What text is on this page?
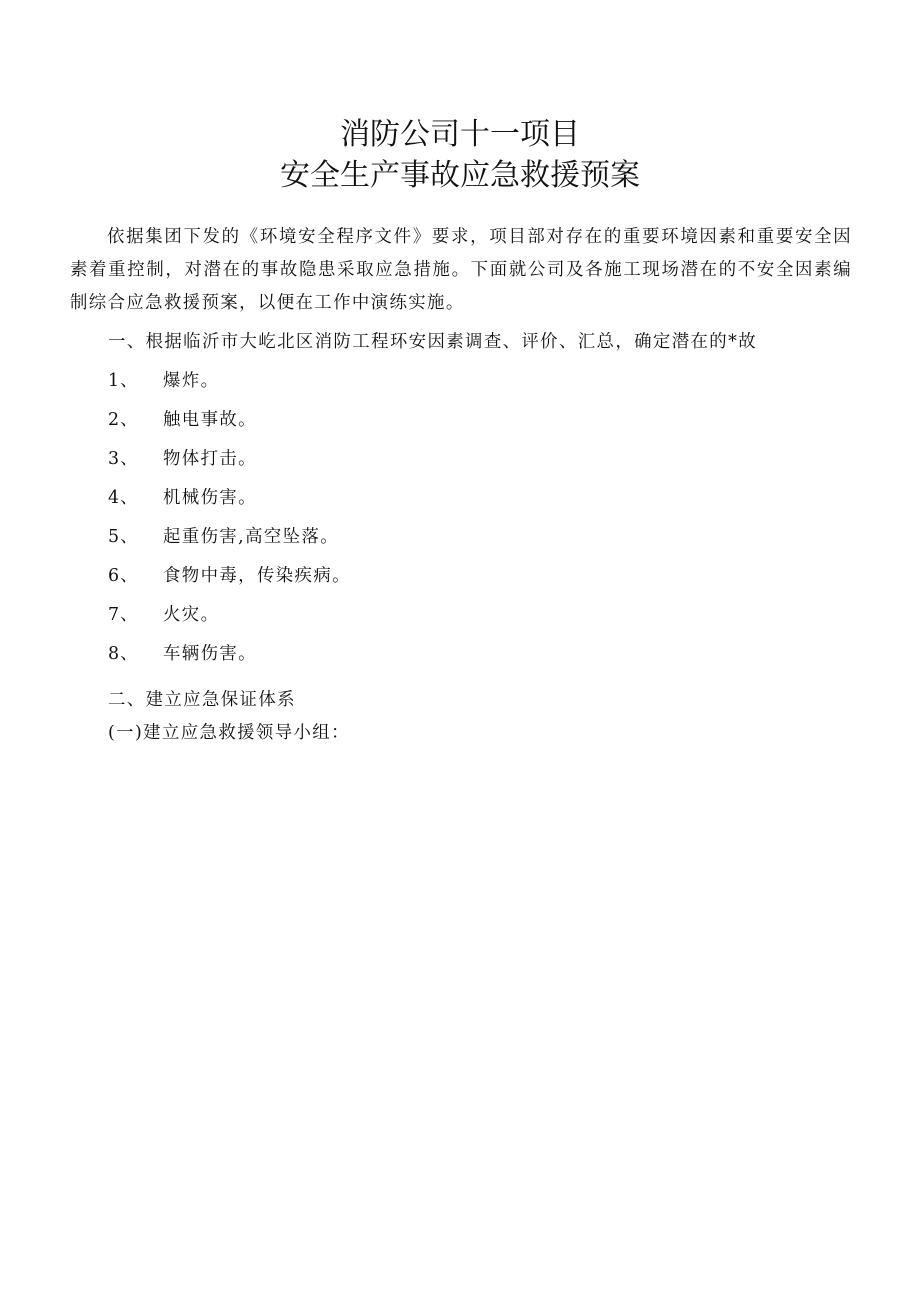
消防公司十一项目
安全生产事故应急救援预案
依据集团下发的《环境安全程序文件》要求，项目部对存在的重要环境因素和重要安全因素着重控制，对潜在的事故隐患采取应急措施。下面就公司及各施工现场潜在的不安全因素编制综合应急救援预案，以便在工作中演练实施。
一、根据临沂市大屹北区消防工程环安因素调查、评价、汇总，确定潜在的*故
1、	爆炸。
2、	触电事故。
3、	物体打击。
4、	机械伤害。
5、	起重伤害,高空坠落。
6、	食物中毒，传染疾病。
7、	火灾。
8、	车辆伤害。
二、建立应急保证体系
(一)建立应急救援领导小组：
